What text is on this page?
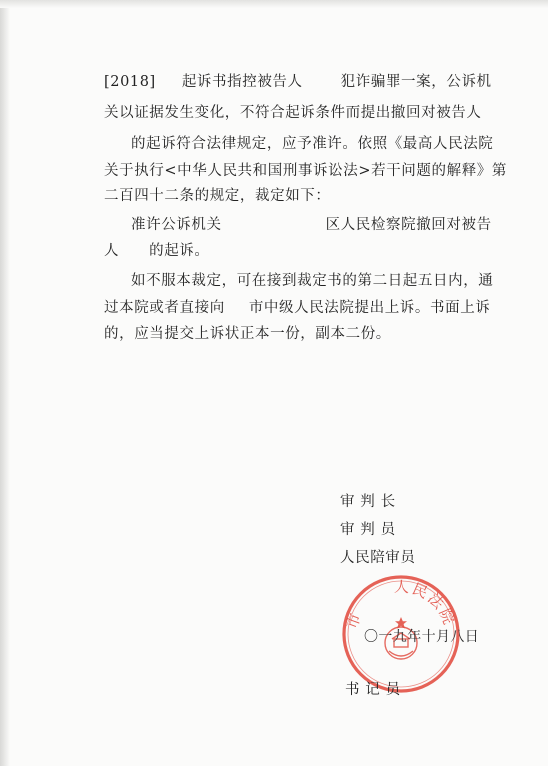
[2018] 起诉书指控被告人	犯诈骗罪一案，公诉机
关以证据发生变化，不符合起诉条件而提出撤回对被告人
的起诉符合法律规定，应予准许。依照《最高人民法院
关于执行<中华人民共和国刑事诉讼法>若干问题的解释》第
二百四十二条的规定，裁定如下：
准许公诉机关	区人民检察院撤回对被告
人 的起诉。
如不服本裁定，可在接到裁定书的第二日起五日内，通
过本院或者直接向 市中级人民法院提出上诉。书面上诉
的，应当提交上诉状正本一份，副本二份。
审 判 长
审 判 员
人民陪审员
市
人民法院
〇一九年十月八日
书 记 员
